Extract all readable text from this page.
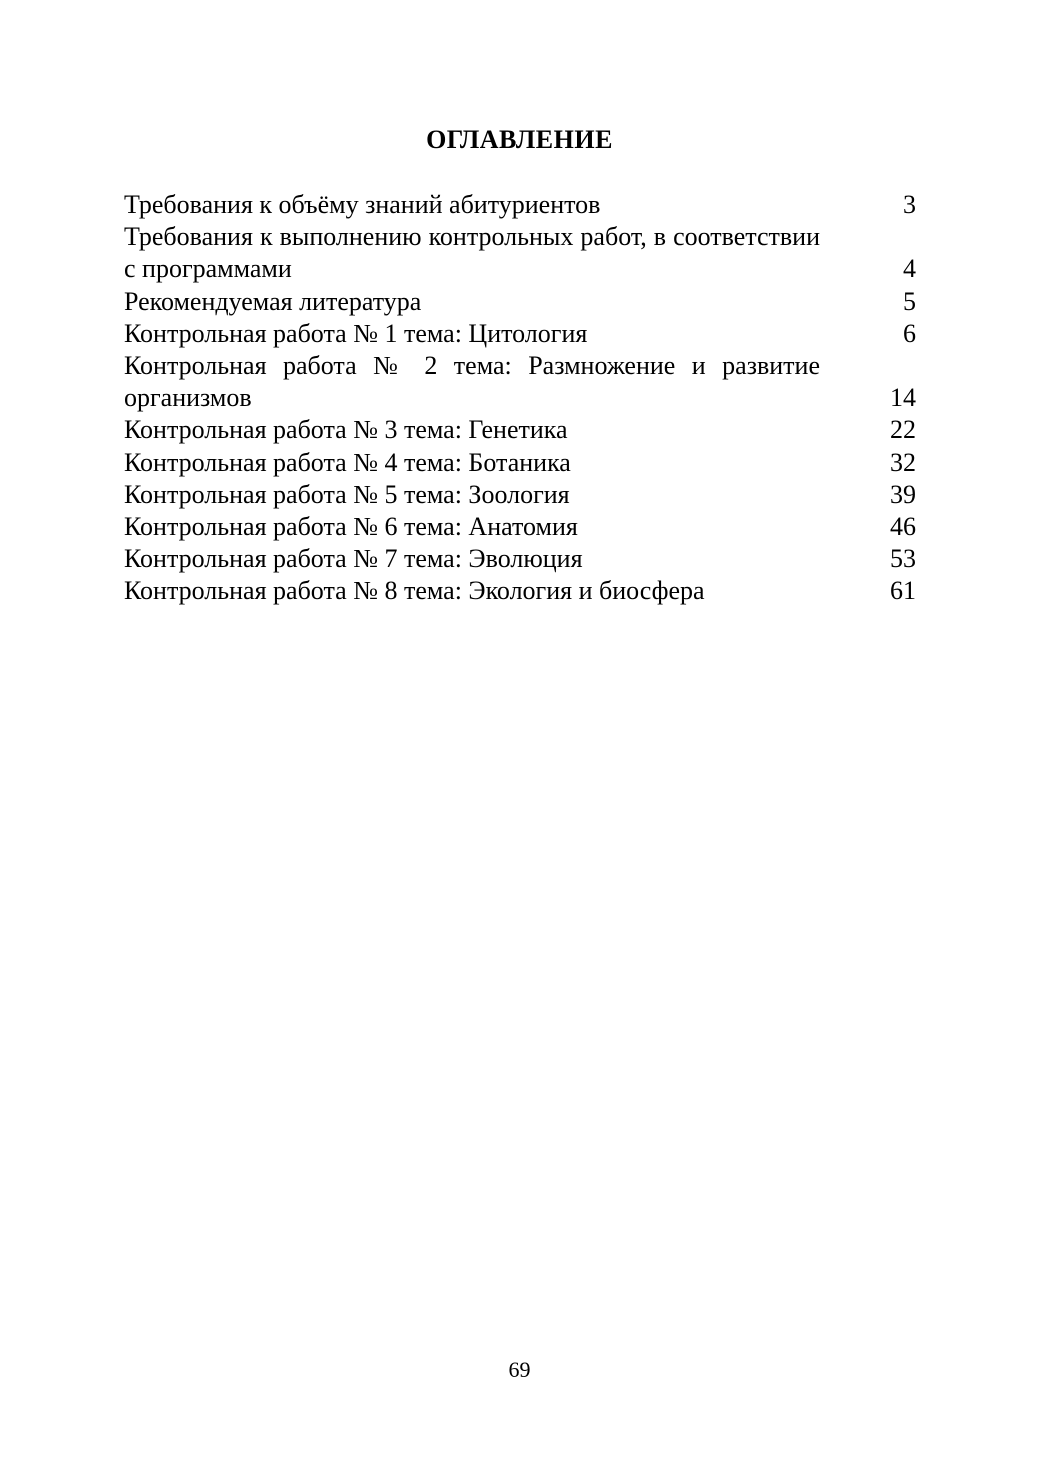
ОГЛАВЛЕНИЕ
Требования к объёму знаний абитуриентов	3
Требования к выполнению контрольных работ, в соответствии с программами	4
Рекомендуемая литература	5
Контрольная работа № 1 тема: Цитология	6
Контрольная работа № 2 тема: Размножение и развитие организмов	14
Контрольная работа № 3 тема: Генетика	22
Контрольная работа № 4 тема: Ботаника	32
Контрольная работа № 5 тема: Зоология	39
Контрольная работа № 6 тема: Анатомия	46
Контрольная работа № 7 тема: Эволюция	53
Контрольная работа № 8 тема: Экология и биосфера	61
69
